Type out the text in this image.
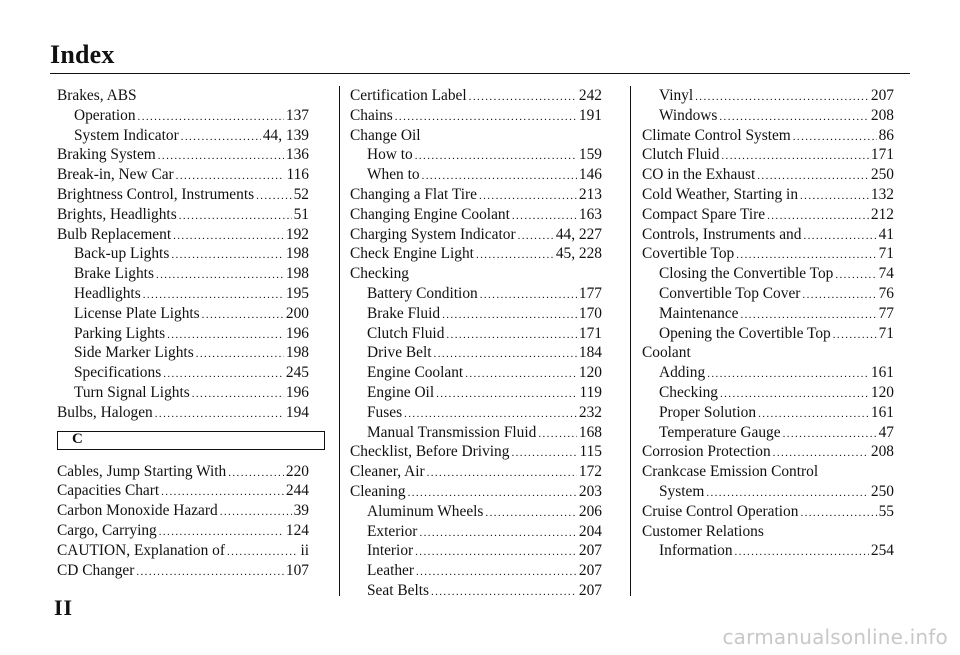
Index
Brakes, ABS
Operation .....	137
System Indicator .....	44, 139
Braking System .....	136
Break-in, New Car .....	116
Brightness Control, Instruments .....	52
Brights, Headlights .....	51
Bulb Replacement .....	192
Back-up Lights .....	198
Brake Lights .....	198
Headlights .....	195
License Plate Lights .....	200
Parking Lights .....	196
Side Marker Lights .....	198
Specifications .....	245
Turn Signal Lights .....	196
Bulbs, Halogen .....	194
C
Cables, Jump Starting With .....	220
Capacities Chart .....	244
Carbon Monoxide Hazard .....	39
Cargo, Carrying .....	124
CAUTION, Explanation of .....	ii
CD Changer .....	107
Certification Label .....	242
Chains .....	191
Change Oil
How to .....	159
When to .....	146
Changing a Flat Tire .....	213
Changing Engine Coolant .....	163
Charging System Indicator .....	44, 227
Check Engine Light .....	45, 228
Checking
Battery Condition .....	177
Brake Fluid .....	170
Clutch Fluid .....	171
Drive Belt .....	184
Engine Coolant .....	120
Engine Oil .....	119
Fuses .....	232
Manual Transmission Fluid .....	168
Checklist, Before Driving .....	115
Cleaner, Air .....	172
Cleaning .....	203
Aluminum Wheels .....	206
Exterior .....	204
Interior .....	207
Leather .....	207
Seat Belts .....	207
Vinyl .....	207
Windows .....	208
Climate Control System .....	86
Clutch Fluid .....	171
CO in the Exhaust .....	250
Cold Weather, Starting in .....	132
Compact Spare Tire .....	212
Controls, Instruments and .....	41
Covertible Top .....	71
Closing the Convertible Top .....	74
Convertible Top Cover .....	76
Maintenance .....	77
Opening the Covertible Top .....	71
Coolant
Adding .....	161
Checking .....	120
Proper Solution .....	161
Temperature Gauge .....	47
Corrosion Protection .....	208
Crankcase Emission Control
System .....	250
Cruise Control Operation .....	55
Customer Relations
Information .....	254
II
carmanualsonline.info
